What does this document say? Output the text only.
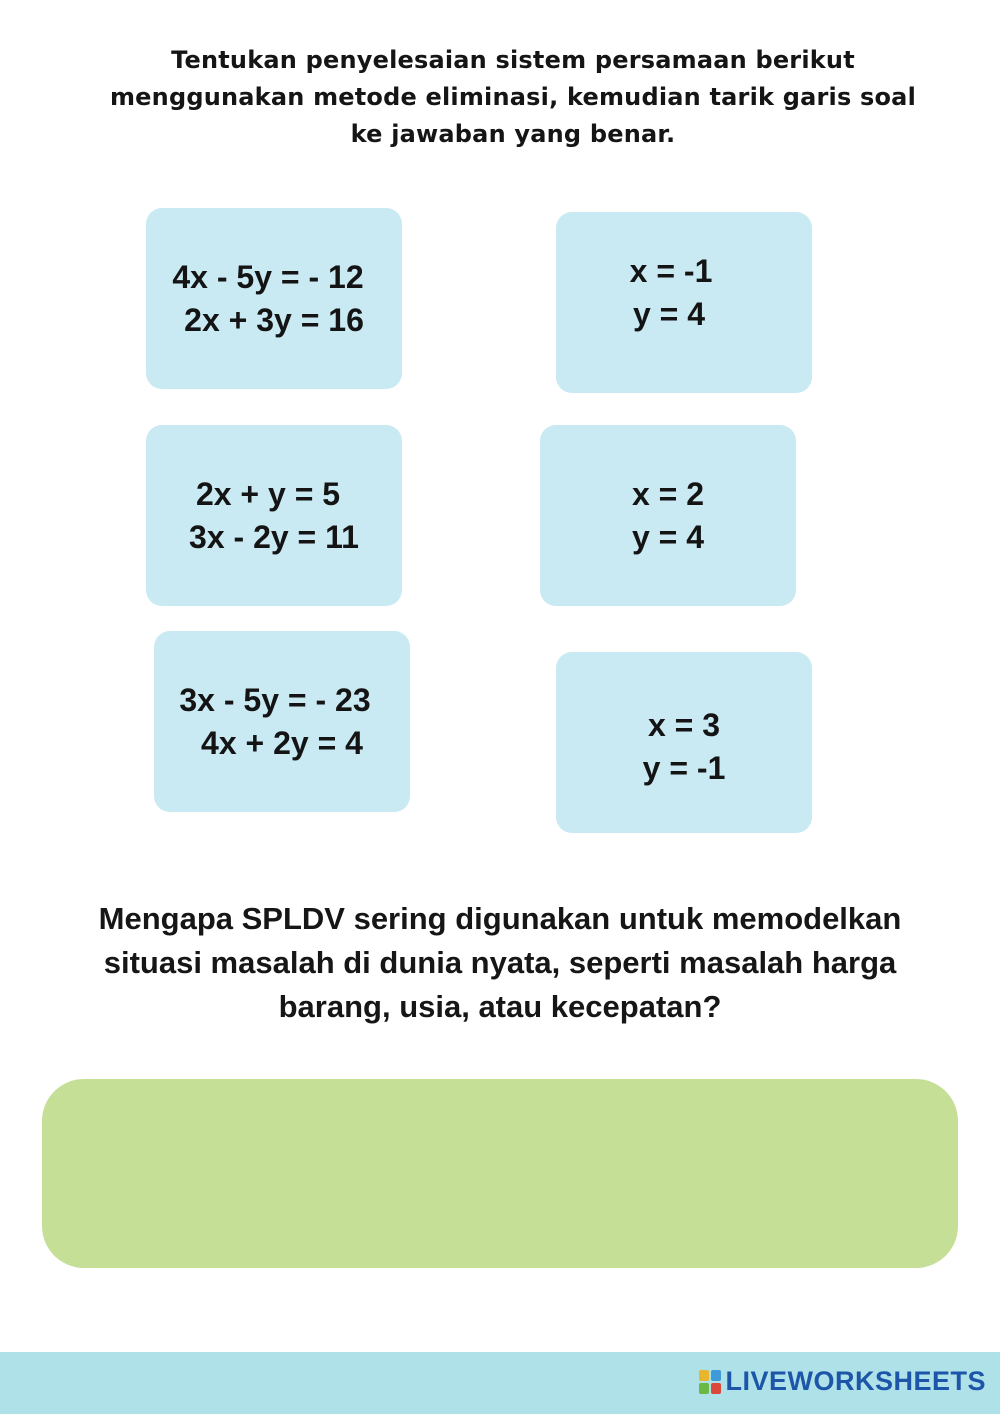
Tentukan penyelesaian sistem persamaan berikut
menggunakan metode eliminasi, kemudian tarik garis soal
ke jawaban yang benar.

4x - 5y = - 12
2x + 3y = 16
2x + y = 5
3x - 2y = 11
3x - 5y = - 23
4x + 2y = 4
x = -1
y = 4
x = 2
y = 4
x = 3
y = -1

Mengapa SPLDV sering digunakan untuk memodelkan
situasi masalah di dunia nyata, seperti masalah harga
barang, usia, atau kecepatan?

LIVEWORKSHEETS
